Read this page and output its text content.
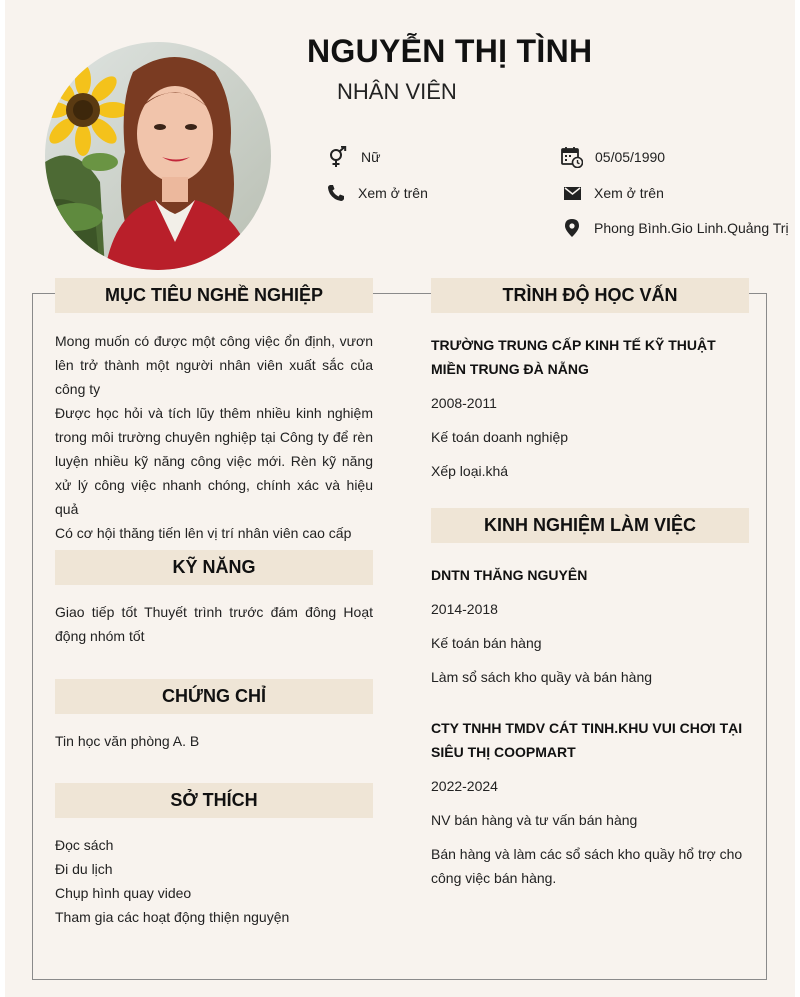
NGUYỄN THỊ TÌNH
NHÂN VIÊN
Nữ	05/05/1990
Xem ở trên	Xem ở trên
Phong Bình.Gio Linh.Quảng Trị
MỤC TIÊU NGHỀ NGHIỆP
Mong muốn có được một công việc ổn định, vươn lên trở thành một người nhân viên xuất sắc của công ty
Được học hỏi và tích lũy thêm nhiều kinh nghiệm trong môi trường chuyên nghiệp tại Công ty để rèn luyện nhiều kỹ năng công việc mới. Rèn kỹ năng xử lý công việc nhanh chóng, chính xác và hiệu quả
Có cơ hội thăng tiến lên vị trí nhân viên cao cấp
KỸ NĂNG
Giao tiếp tốt Thuyết trình trước đám đông Hoạt động nhóm tốt
CHỨNG CHỈ
Tin học văn phòng A. B
SỞ THÍCH
Đọc sách
Đi du lịch
Chụp hình quay video
Tham gia các hoạt động thiện nguyện
TRÌNH ĐỘ HỌC VẤN
TRƯỜNG TRUNG CẤP KINH TẾ KỸ THUẬT MIỀN TRUNG ĐÀ NẴNG
2008-2011
Kế toán doanh nghiệp
Xếp loại.khá
KINH NGHIỆM LÀM VIỆC
DNTN THĂNG NGUYÊN
2014-2018
Kế toán bán hàng
Làm sổ sách kho quầy và bán hàng
CTY TNHH TMDV CÁT TINH.KHU VUI CHƠI TẠI SIÊU THỊ COOPMART
2022-2024
NV bán hàng và tư vấn bán hàng
Bán hàng và làm các sổ sách kho quầy hổ trợ cho công việc bán hàng.
